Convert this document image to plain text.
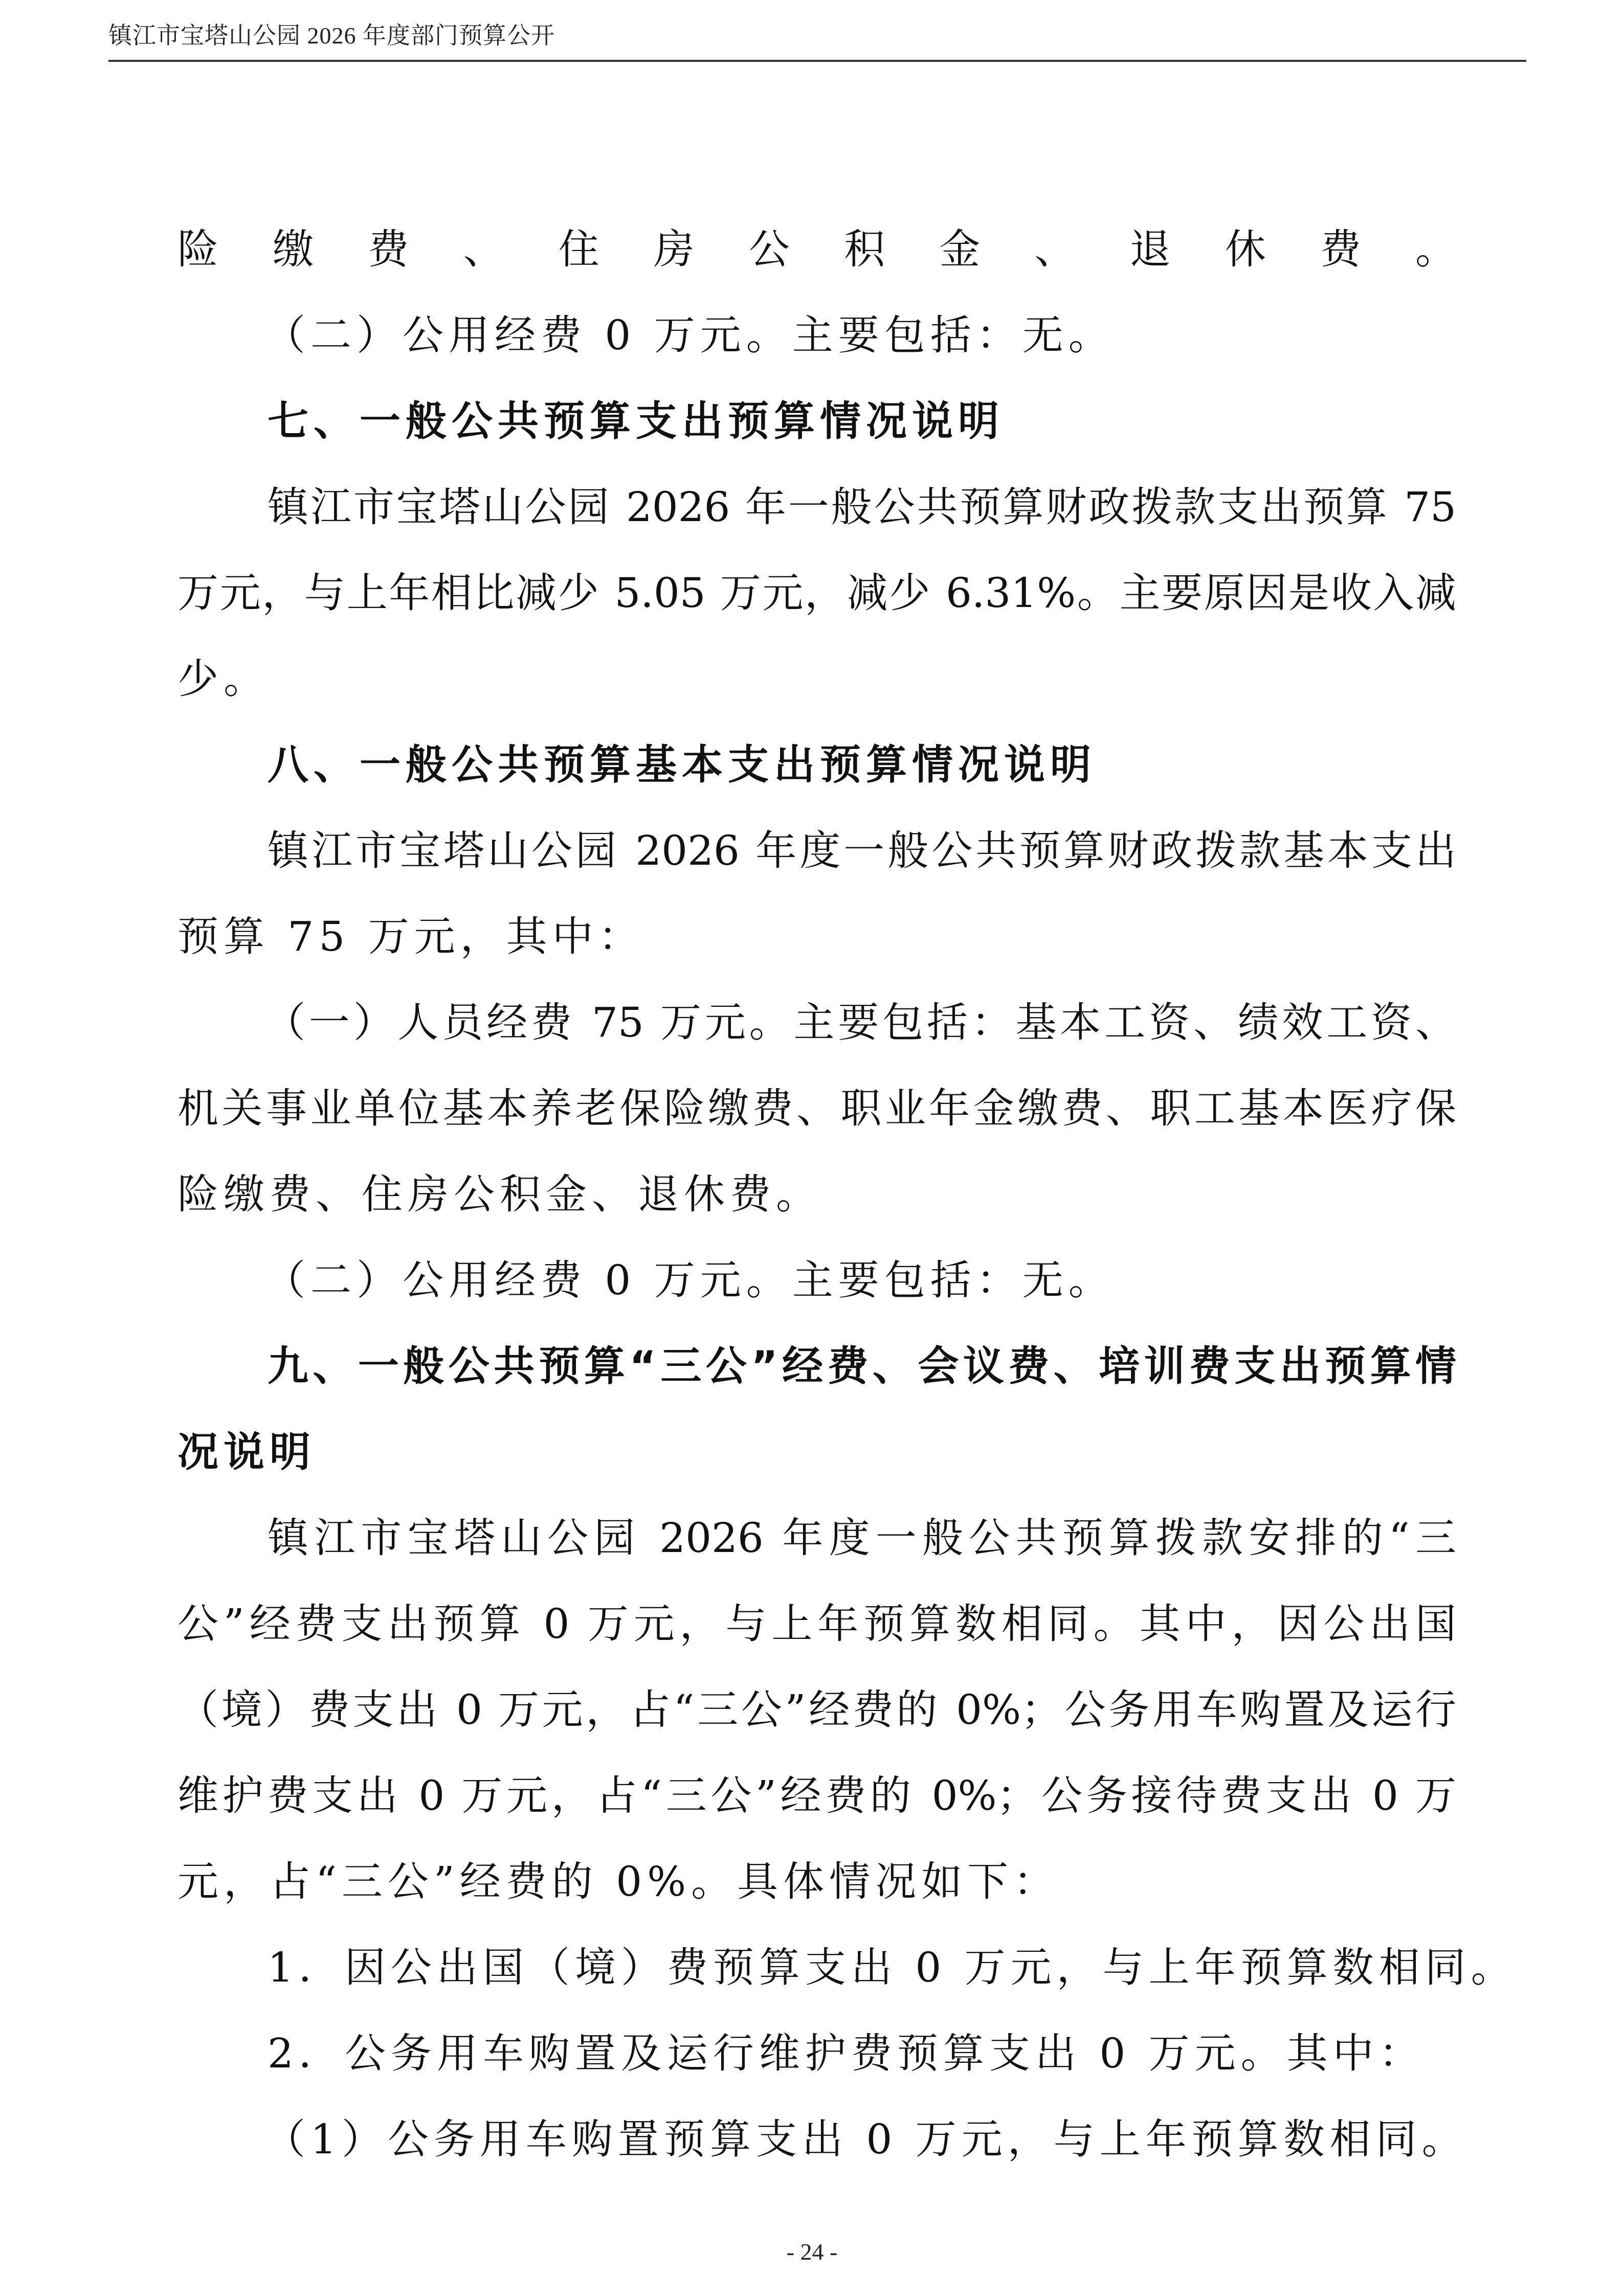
镇江市宝塔山公园 2026 年度部门预算公开
险缴费、住房公积金、退休费。
（二）公用经费 0 万元。主要包括：无。
七、一般公共预算支出预算情况说明
镇江市宝塔山公园 2026 年一般公共预算财政拨款支出预算 75
万元，与上年相比减少 5.05 万元，减少 6.31%。主要原因是收入减
少。
八、一般公共预算基本支出预算情况说明
镇江市宝塔山公园 2026 年度一般公共预算财政拨款基本支出
预算 75 万元，其中：
（一）人员经费 75 万元。主要包括：基本工资、绩效工资、
机关事业单位基本养老保险缴费、职业年金缴费、职工基本医疗保
险缴费、住房公积金、退休费。
（二）公用经费 0 万元。主要包括：无。
九、一般公共预算“三公”经费、会议费、培训费支出预算情
况说明
镇江市宝塔山公园 2026 年度一般公共预算拨款安排的“三
公”经费支出预算 0 万元，与上年预算数相同。其中，因公出国
（境）费支出 0 万元，占“三公”经费的 0%；公务用车购置及运行
维护费支出 0 万元，占“三公”经费的 0%；公务接待费支出 0 万
元，占“三公”经费的 0%。具体情况如下：
1．因公出国（境）费预算支出 0 万元，与上年预算数相同。
2．公务用车购置及运行维护费预算支出 0 万元。其中：
（1）公务用车购置预算支出 0 万元，与上年预算数相同。
- 24 -
